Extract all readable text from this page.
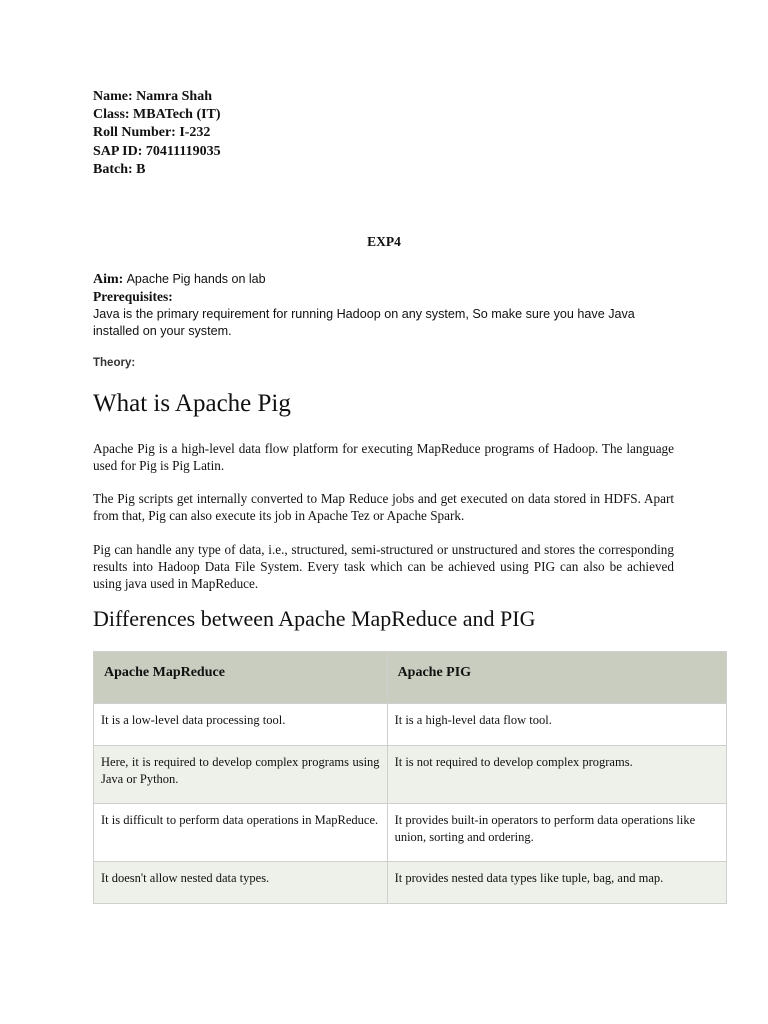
Name: Namra Shah
Class: MBATech (IT)
Roll Number: I-232
SAP ID: 70411119035
Batch: B
EXP4
Aim: Apache Pig hands on lab
Prerequisites:
Java is the primary requirement for running Hadoop on any system, So make sure you have Java installed on your system.
Theory:
What is Apache Pig
Apache Pig is a high-level data flow platform for executing MapReduce programs of Hadoop. The language used for Pig is Pig Latin.
The Pig scripts get internally converted to Map Reduce jobs and get executed on data stored in HDFS. Apart from that, Pig can also execute its job in Apache Tez or Apache Spark.
Pig can handle any type of data, i.e., structured, semi-structured or unstructured and stores the corresponding results into Hadoop Data File System. Every task which can be achieved using PIG can also be achieved using java used in MapReduce.
Differences between Apache MapReduce and PIG
Apache MapReduce	Apache PIG
It is a low-level data processing tool.	It is a high-level data flow tool.
Here, it is required to develop complex programs using Java or Python.	It is not required to develop complex programs.
It is difficult to perform data operations in MapReduce.	It provides built-in operators to perform data operations like union, sorting and ordering.
It doesn't allow nested data types.	It provides nested data types like tuple, bag, and map.
